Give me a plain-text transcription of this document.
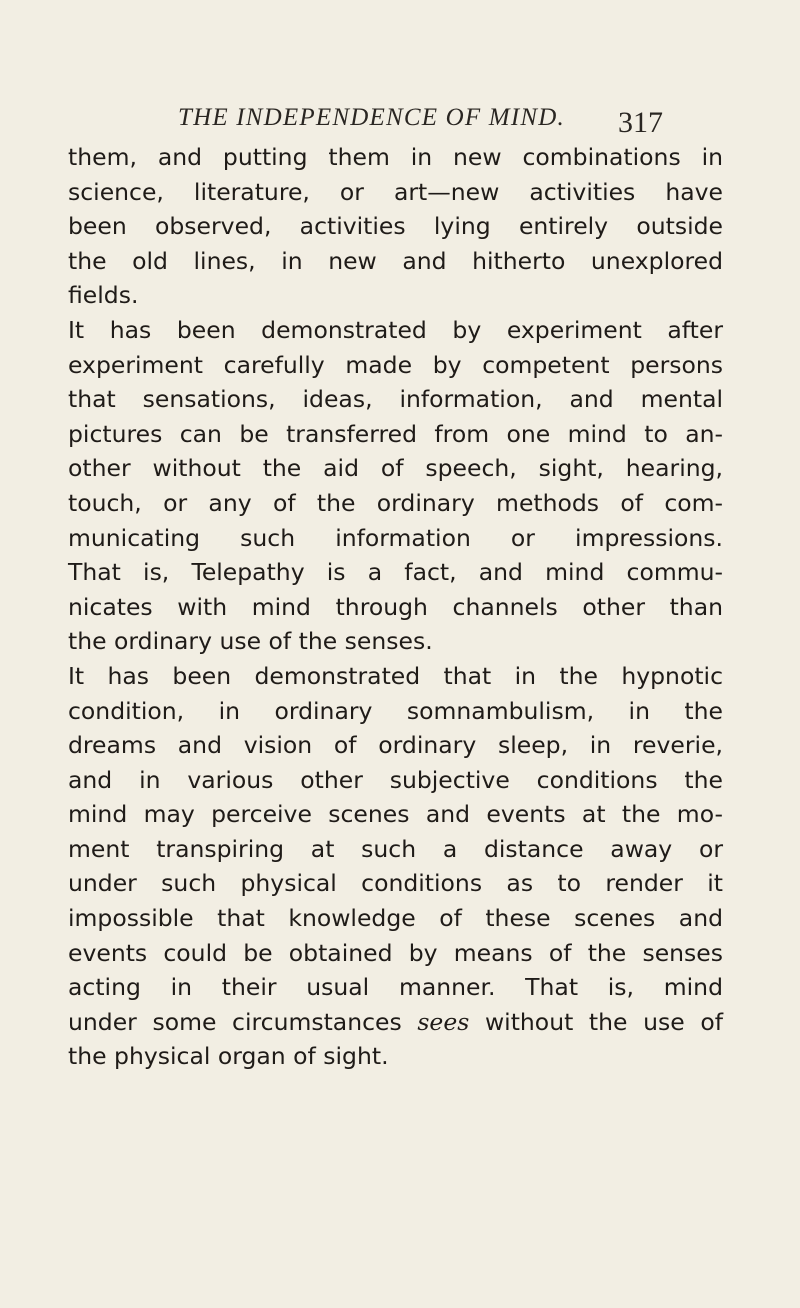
THE INDEPENDENCE OF MIND. 317
them, and putting them in new combinations in
science, literature, or art—new activities have
been observed, activities lying entirely outside
the old lines, in new and hitherto unexplored
fields.
It has been demonstrated by experiment after
experiment carefully made by competent persons
that sensations, ideas, information, and mental
pictures can be transferred from one mind to an-
other without the aid of speech, sight, hearing,
touch, or any of the ordinary methods of com-
municating such information or impressions.
That is, Telepathy is a fact, and mind commu-
nicates with mind through channels other than
the ordinary use of the senses.
It has been demonstrated that in the hypnotic
condition, in ordinary somnambulism, in the
dreams and vision of ordinary sleep, in reverie,
and in various other subjective conditions the
mind may perceive scenes and events at the mo-
ment transpiring at such a distance away or
under such physical conditions as to render it
impossible that knowledge of these scenes and
events could be obtained by means of the senses
acting in their usual manner. That is, mind
under some circumstances sees without the use of
the physical organ of sight.
